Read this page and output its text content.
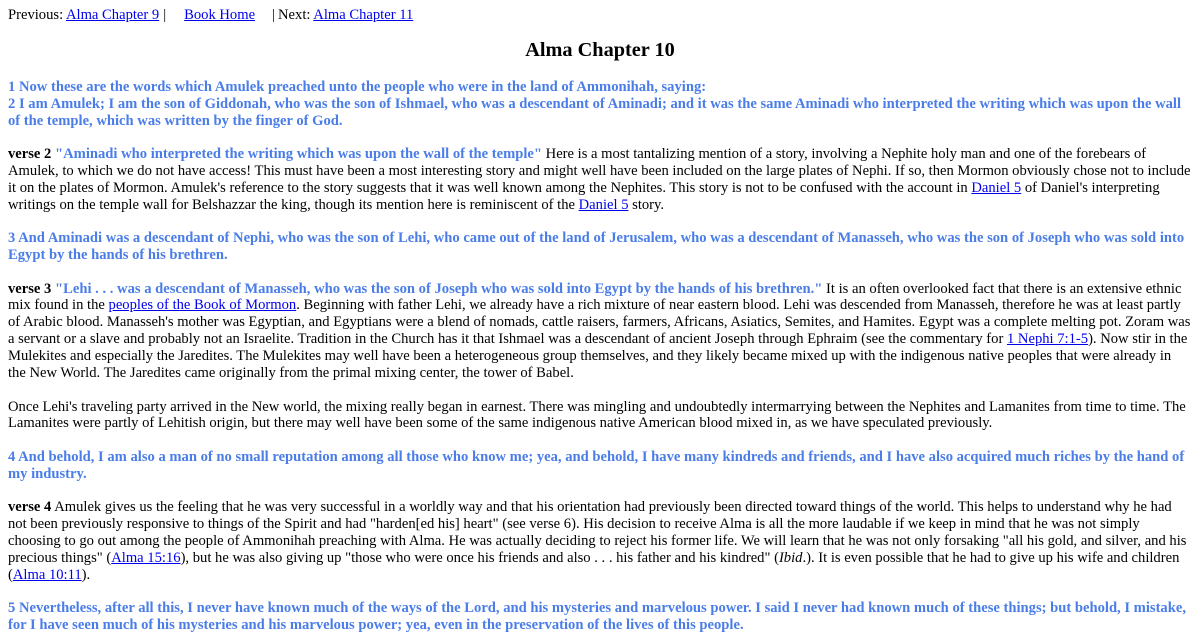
Previous: Alma Chapter 9 | Book Home | Next: Alma Chapter 11
Alma Chapter 10
1 Now these are the words which Amulek preached unto the people who were in the land of Ammonihah, saying:
2 I am Amulek; I am the son of Giddonah, who was the son of Ishmael, who was a descendant of Aminadi; and it was the same Aminadi who interpreted the writing which was upon the wall of the temple, which was written by the finger of God.

verse 2 "Aminadi who interpreted the writing which was upon the wall of the temple" Here is a most tantalizing mention of a story, involving a Nephite holy man and one of the forebears of Amulek, to which we do not have access! This must have been a most interesting story and might well have been included on the large plates of Nephi. If so, then Mormon obviously chose not to include it on the plates of Mormon. Amulek's reference to the story suggests that it was well known among the Nephites. This story is not to be confused with the account in Daniel 5 of Daniel's interpreting writings on the temple wall for Belshazzar the king, though its mention here is reminiscent of the Daniel 5 story.

3 And Aminadi was a descendant of Nephi, who was the son of Lehi, who came out of the land of Jerusalem, who was a descendant of Manasseh, who was the son of Joseph who was sold into Egypt by the hands of his brethren.

verse 3 "Lehi . . . was a descendant of Manasseh, who was the son of Joseph who was sold into Egypt by the hands of his brethren." It is an often overlooked fact that there is an extensive ethnic mix found in the peoples of the Book of Mormon. Beginning with father Lehi, we already have a rich mixture of near eastern blood. Lehi was descended from Manasseh, therefore he was at least partly of Arabic blood. Manasseh's mother was Egyptian, and Egyptians were a blend of nomads, cattle raisers, farmers, Africans, Asiatics, Semites, and Hamites. Egypt was a complete melting pot. Zoram was a servant or a slave and probably not an Israelite. Tradition in the Church has it that Ishmael was a descendant of ancient Joseph through Ephraim (see the commentary for 1 Nephi 7:1-5). Now stir in the Mulekites and especially the Jaredites. The Mulekites may well have been a heterogeneous group themselves, and they likely became mixed up with the indigenous native peoples that were already in the New World. The Jaredites came originally from the primal mixing center, the tower of Babel.

Once Lehi's traveling party arrived in the New world, the mixing really began in earnest. There was mingling and undoubtedly intermarrying between the Nephites and Lamanites from time to time. The Lamanites were partly of Lehitish origin, but there may well have been some of the same indigenous native American blood mixed in, as we have speculated previously.

4 And behold, I am also a man of no small reputation among all those who know me; yea, and behold, I have many kindreds and friends, and I have also acquired much riches by the hand of my industry.

verse 4 Amulek gives us the feeling that he was very successful in a worldly way and that his orientation had previously been directed toward things of the world. This helps to understand why he had not been previously responsive to things of the Spirit and had "harden[ed his] heart" (see verse 6). His decision to receive Alma is all the more laudable if we keep in mind that he was not simply choosing to go out among the people of Ammonihah preaching with Alma. He was actually deciding to reject his former life. We will learn that he was not only forsaking "all his gold, and silver, and his precious things" (Alma 15:16), but he was also giving up "those who were once his friends and also . . . his father and his kindred" (Ibid.). It is even possible that he had to give up his wife and children (Alma 10:11).

5 Nevertheless, after all this, I never have known much of the ways of the Lord, and his mysteries and marvelous power. I said I never had known much of these things; but behold, I mistake, for I have seen much of his mysteries and his marvelous power; yea, even in the preservation of the lives of this people.
